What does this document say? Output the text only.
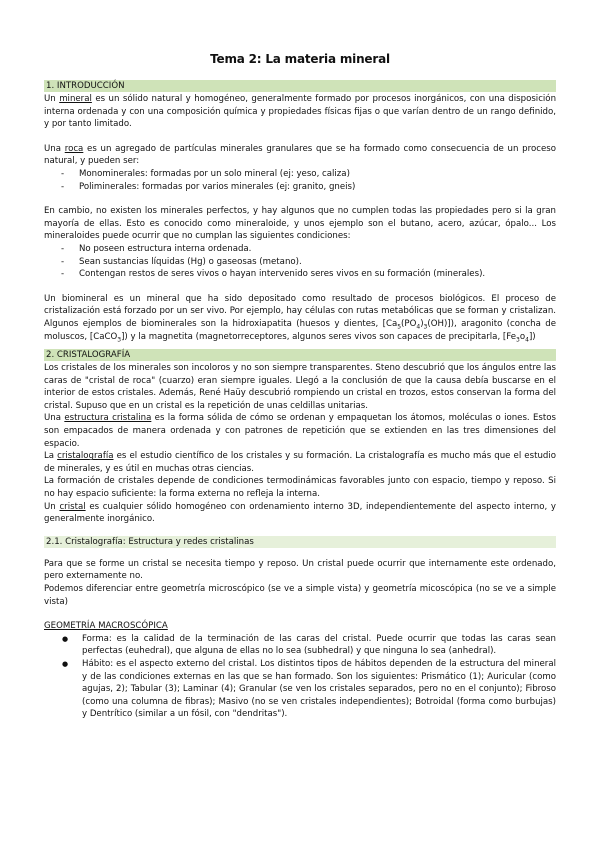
Tema 2: La materia mineral
1. INTRODUCCIÓN

Un mineral es un sólido natural y homogéneo, generalmente formado por procesos inorgánicos, con una disposición interna ordenada y con una composición química y propiedades físicas fijas o que varían dentro de un rango definido, y por tanto limitado.

Una roca es un agregado de partículas minerales granulares que se ha formado como consecuencia de un proceso natural, y pueden ser:

- Monominerales: formadas por un solo mineral (ej: yeso, caliza)
- Poliminerales: formadas por varios minerales (ej: granito, gneis)

En cambio, no existen los minerales perfectos, y hay algunos que no cumplen todas las propiedades pero si la gran mayoría de ellas. Esto es conocido como mineraloide, y unos ejemplo son el butano, acero, azúcar, ópalo... Los mineraloides puede ocurrir que no cumplan las siguientes condiciones:

- No poseen estructura interna ordenada.
- Sean sustancias líquidas (Hg) o gaseosas (metano).
- Contengan restos de seres vivos o hayan intervenido seres vivos en su formación (minerales).

Un biomineral es un mineral que ha sido depositado como resultado de procesos biológicos. El proceso de cristalización está forzado por un ser vivo. Por ejemplo, hay células con rutas metabólicas que se forman y cristalizan. Algunos ejemplos de biominerales son la hidroxiapatita (huesos y dientes, $[Ca_5(PO_4)_3(OH)]$), aragonito (concha de moluscos, [CaCO$_3$]) y la magnetita (magnetorreceptores, algunos seres vivos son capaces de precipitarla, $[Fe_3o_4]$)

2. CRISTALOGRAFÍA

Los cristales de los minerales son incoloros y no son siempre transparentes. Steno descubrió que los ángulos entre las caras de "cristal de roca" (cuarzo) eran siempre iguales. Llegó a la conclusión de que la causa debía buscarse en el interior de estos cristales. Además, René Haüy descubrió rompiendo un cristal en trozos, estos conservan la forma del cristal. Supuso que en un cristal es la repetición de unas celdillas unitarias.

Una estructura cristalina es la forma sólida de cómo se ordenan y empaquetan los átomos, moléculas o iones. Estos son empacados de manera ordenada y con patrones de repetición que se extienden en las tres dimensiones del espacio.

La cristalografía es el estudio científico de los cristales y su formación. La cristalografía es mucho más que el estudio de minerales, y es útil en muchas otras ciencias.

La formación de cristales depende de condiciones termodinámicas favorables junto con espacio, tiempo y reposo. Si no hay espacio suficiente: la forma externa no refleja la interna.

Un cristal es cualquier sólido homogéneo con ordenamiento interno 3D, independientemente del aspecto interno, y generalmente inorgánico.

2.1. Cristalografía: Estructura y redes cristalinas

Para que se forme un cristal se necesita tiempo y reposo. Un cristal puede ocurrir que internamente este ordenado, pero externamente no.

Podemos diferenciar entre geometría microscópico (se ve a simple vista) y geometría micoscópica (no se ve a simple vista)

GEOMETRÍA MACROSCÓPICA

● Forma: es la calidad de la terminación de las caras del cristal. Puede ocurrir que todas las caras sean perfectas (euhedral), que alguna de ellas no lo sea (subhedral) y que ninguna lo sea (anhedral).
● Hábito: es el aspecto externo del cristal. Los distintos tipos de hábitos dependen de la estructura del mineral y de las condiciones externas en las que se han formado. Son los siguientes: Prismático (1); Auricular (como agujas, 2); Tabular (3); Laminar (4); Granular (se ven los cristales separados, pero no en el conjunto); Fibroso (como una columna de fibras); Masivo (no se ven cristales independientes); Botroidal (forma como burbujas) y Dentrítico (similar a un fósil, con "dendritas").
